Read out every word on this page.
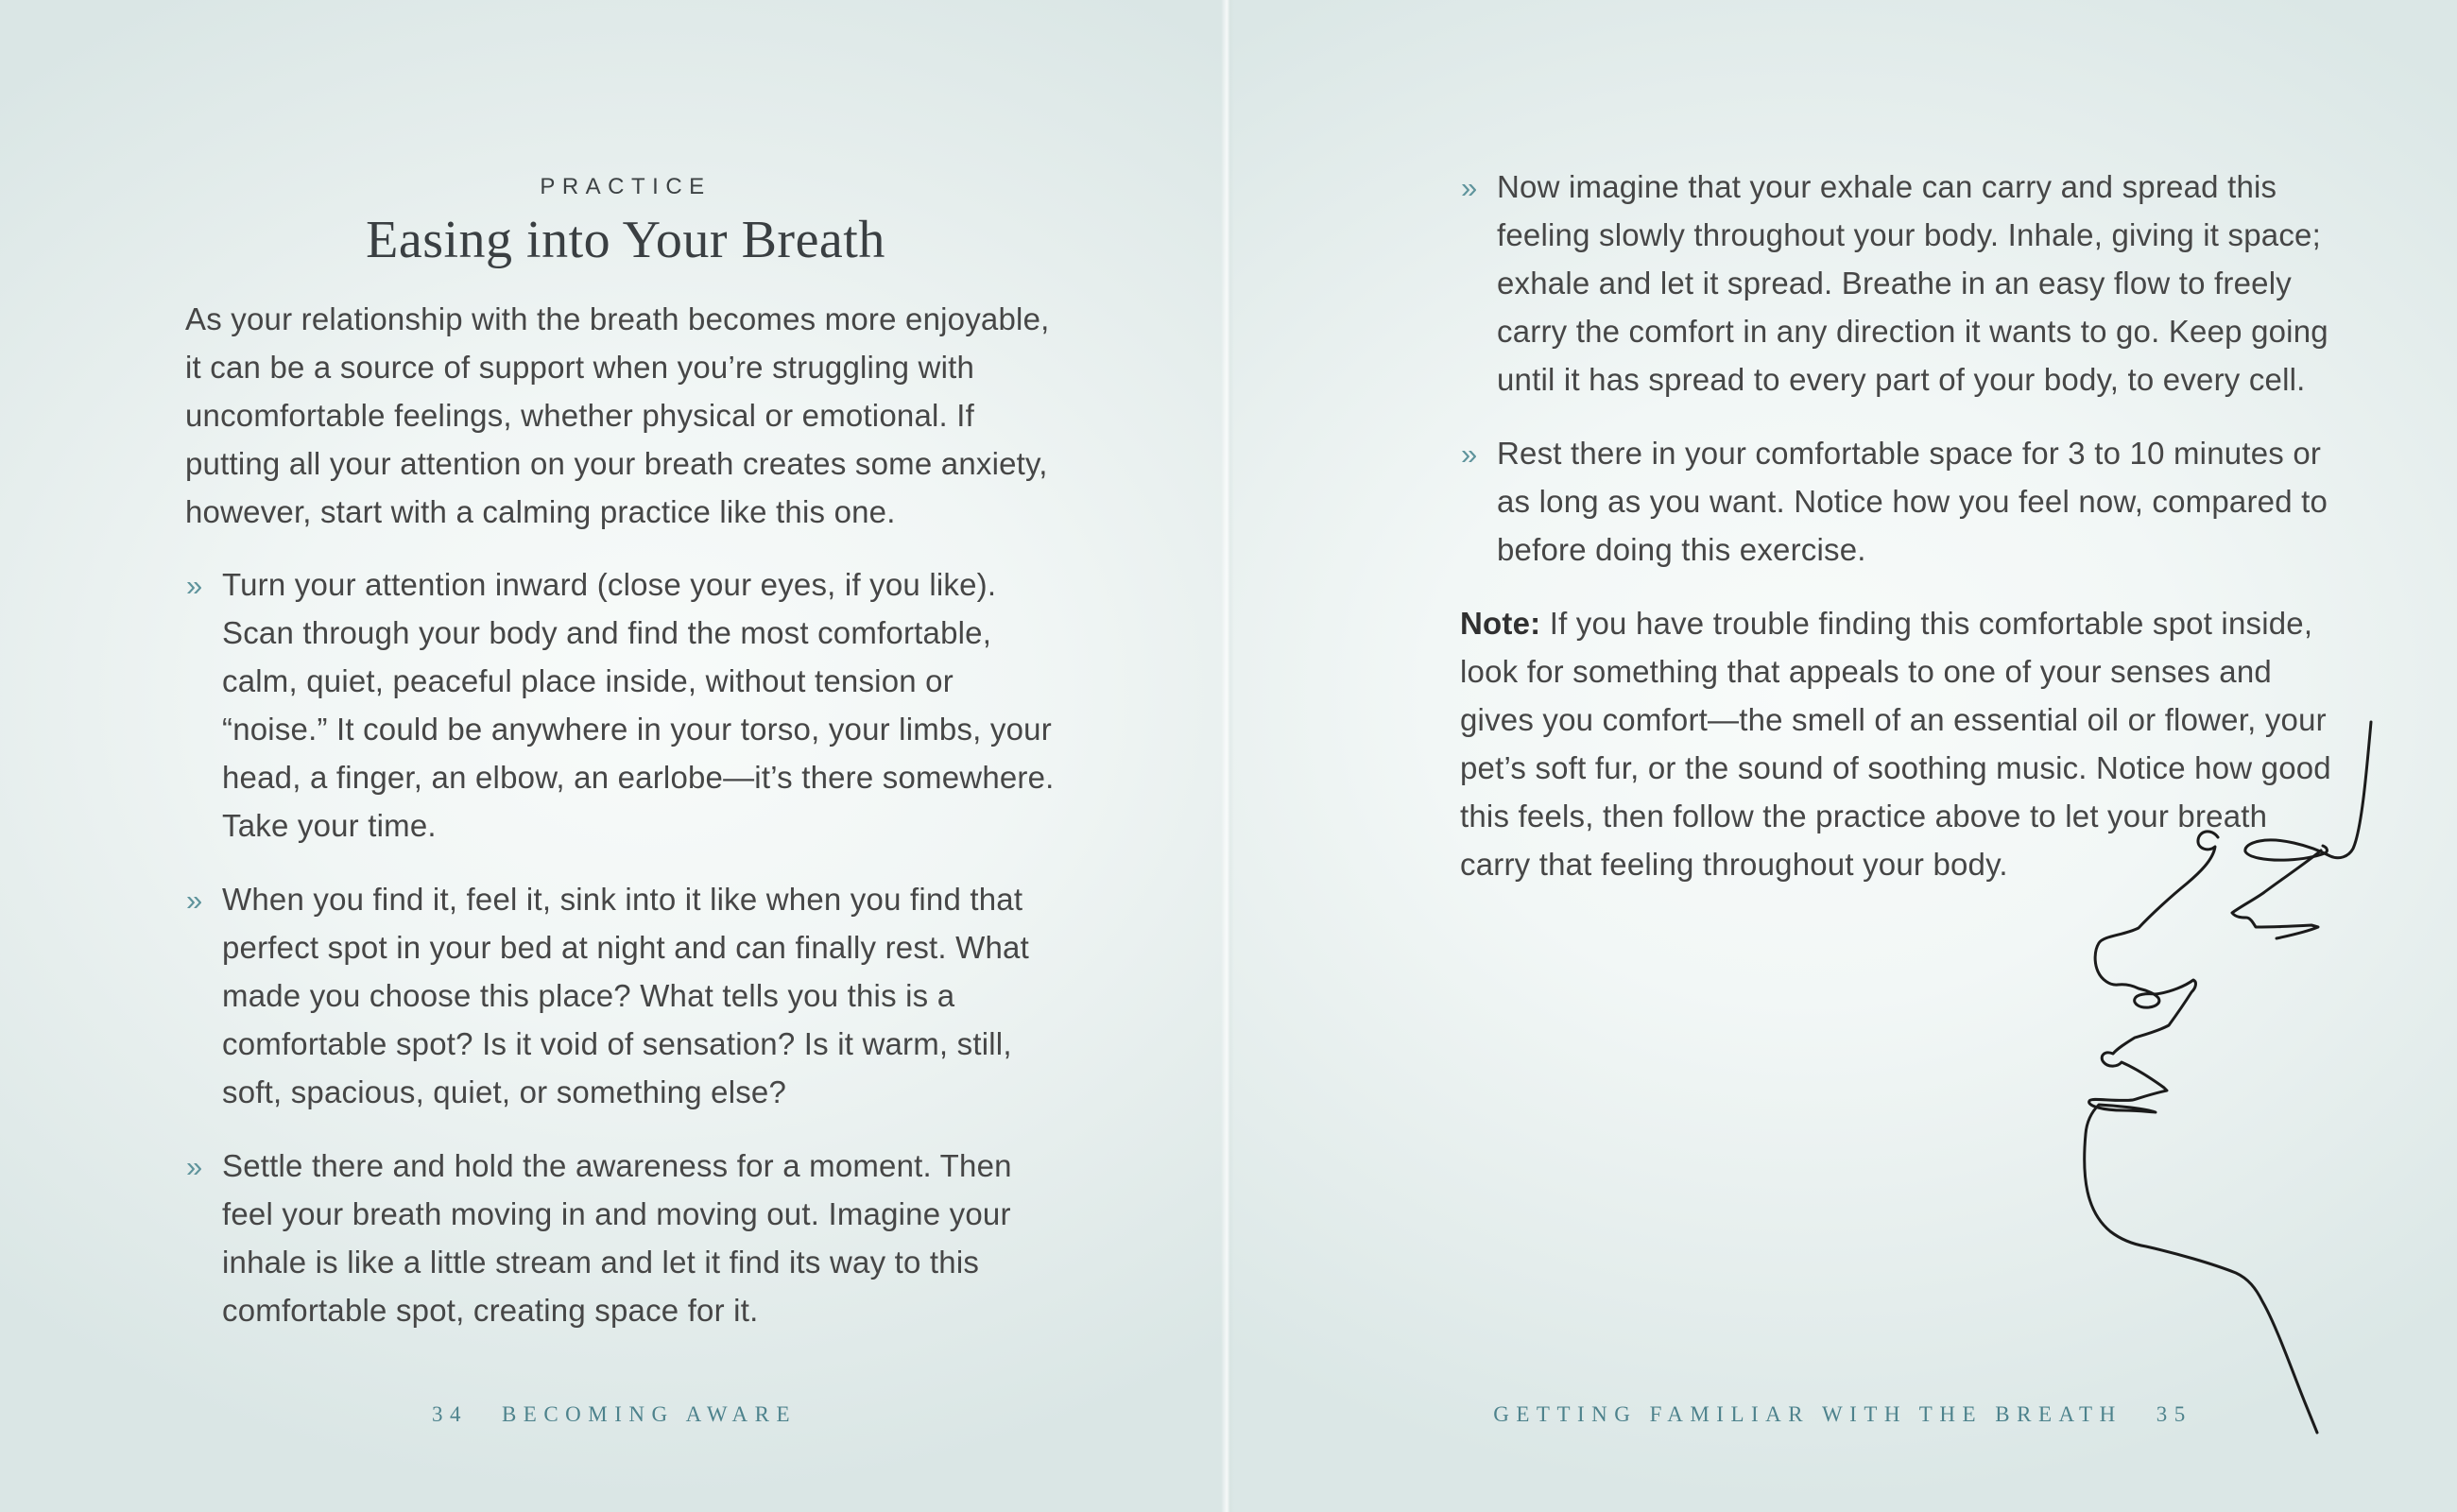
PRACTICE
Easing into Your Breath

As your relationship with the breath becomes more enjoyable, it can be a source of support when you’re struggling with uncomfortable feelings, whether physical or emotional. If putting all your attention on your breath creates some anxiety, however, start with a calming practice like this one.

» Turn your attention inward (close your eyes, if you like). Scan through your body and find the most comfortable, calm, quiet, peaceful place inside, without tension or “noise.” It could be anywhere in your torso, your limbs, your head, a finger, an elbow, an earlobe—it’s there somewhere. Take your time.
» When you find it, feel it, sink into it like when you find that perfect spot in your bed at night and can finally rest. What made you choose this place? What tells you this is a comfortable spot? Is it void of sensation? Is it warm, still, soft, spacious, quiet, or something else?
» Settle there and hold the awareness for a moment. Then feel your breath moving in and moving out. Imagine your inhale is like a little stream and let it find its way to this comfortable spot, creating space for it.
34 BECOMING AWARE
» Now imagine that your exhale can carry and spread this feeling slowly throughout your body. Inhale, giving it space; exhale and let it spread. Breathe in an easy flow to freely carry the comfort in any direction it wants to go. Keep going until it has spread to every part of your body, to every cell.
» Rest there in your comfortable space for 3 to 10 minutes or as long as you want. Notice how you feel now, compared to before doing this exercise.

Note: If you have trouble finding this comfortable spot inside, look for something that appeals to one of your senses and gives you comfort—the smell of an essential oil or flower, your pet’s soft fur, or the sound of soothing music. Notice how good this feels, then follow the practice above to let your breath carry that feeling throughout your body.

GETTING FAMILIAR WITH THE BREATH 35
